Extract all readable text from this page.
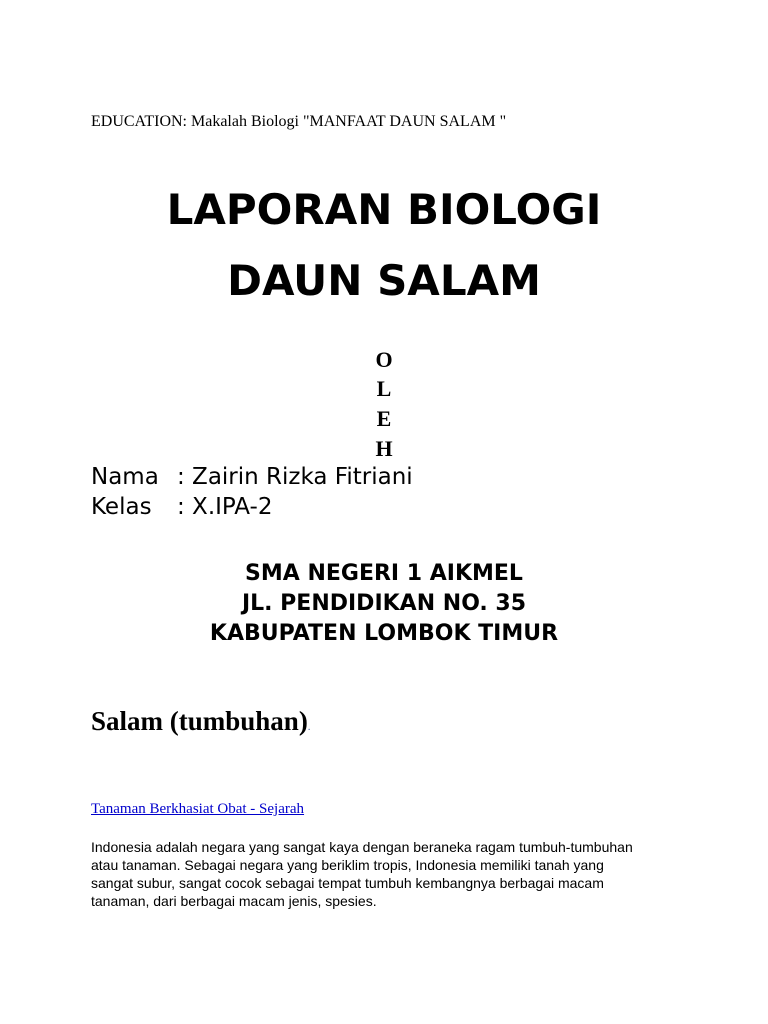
EDUCATION: Makalah Biologi "MANFAAT DAUN SALAM "
LAPORAN BIOLOGI
DAUN SALAM
O
L
E
H
Nama : Zairin Rizka Fitriani
Kelas : X.IPA-2
SMA NEGERI 1 AIKMEL
JL. PENDIDIKAN NO. 35
KABUPATEN LOMBOK TIMUR
Salam (tumbuhan).
Tanaman Berkhasiat Obat - Sejarah
Indonesia adalah negara yang sangat kaya dengan beraneka ragam tumbuh-tumbuhan
atau tanaman. Sebagai negara yang beriklim tropis, Indonesia memiliki tanah yang
sangat subur, sangat cocok sebagai tempat tumbuh kembangnya berbagai macam
tanaman, dari berbagai macam jenis, spesies.
